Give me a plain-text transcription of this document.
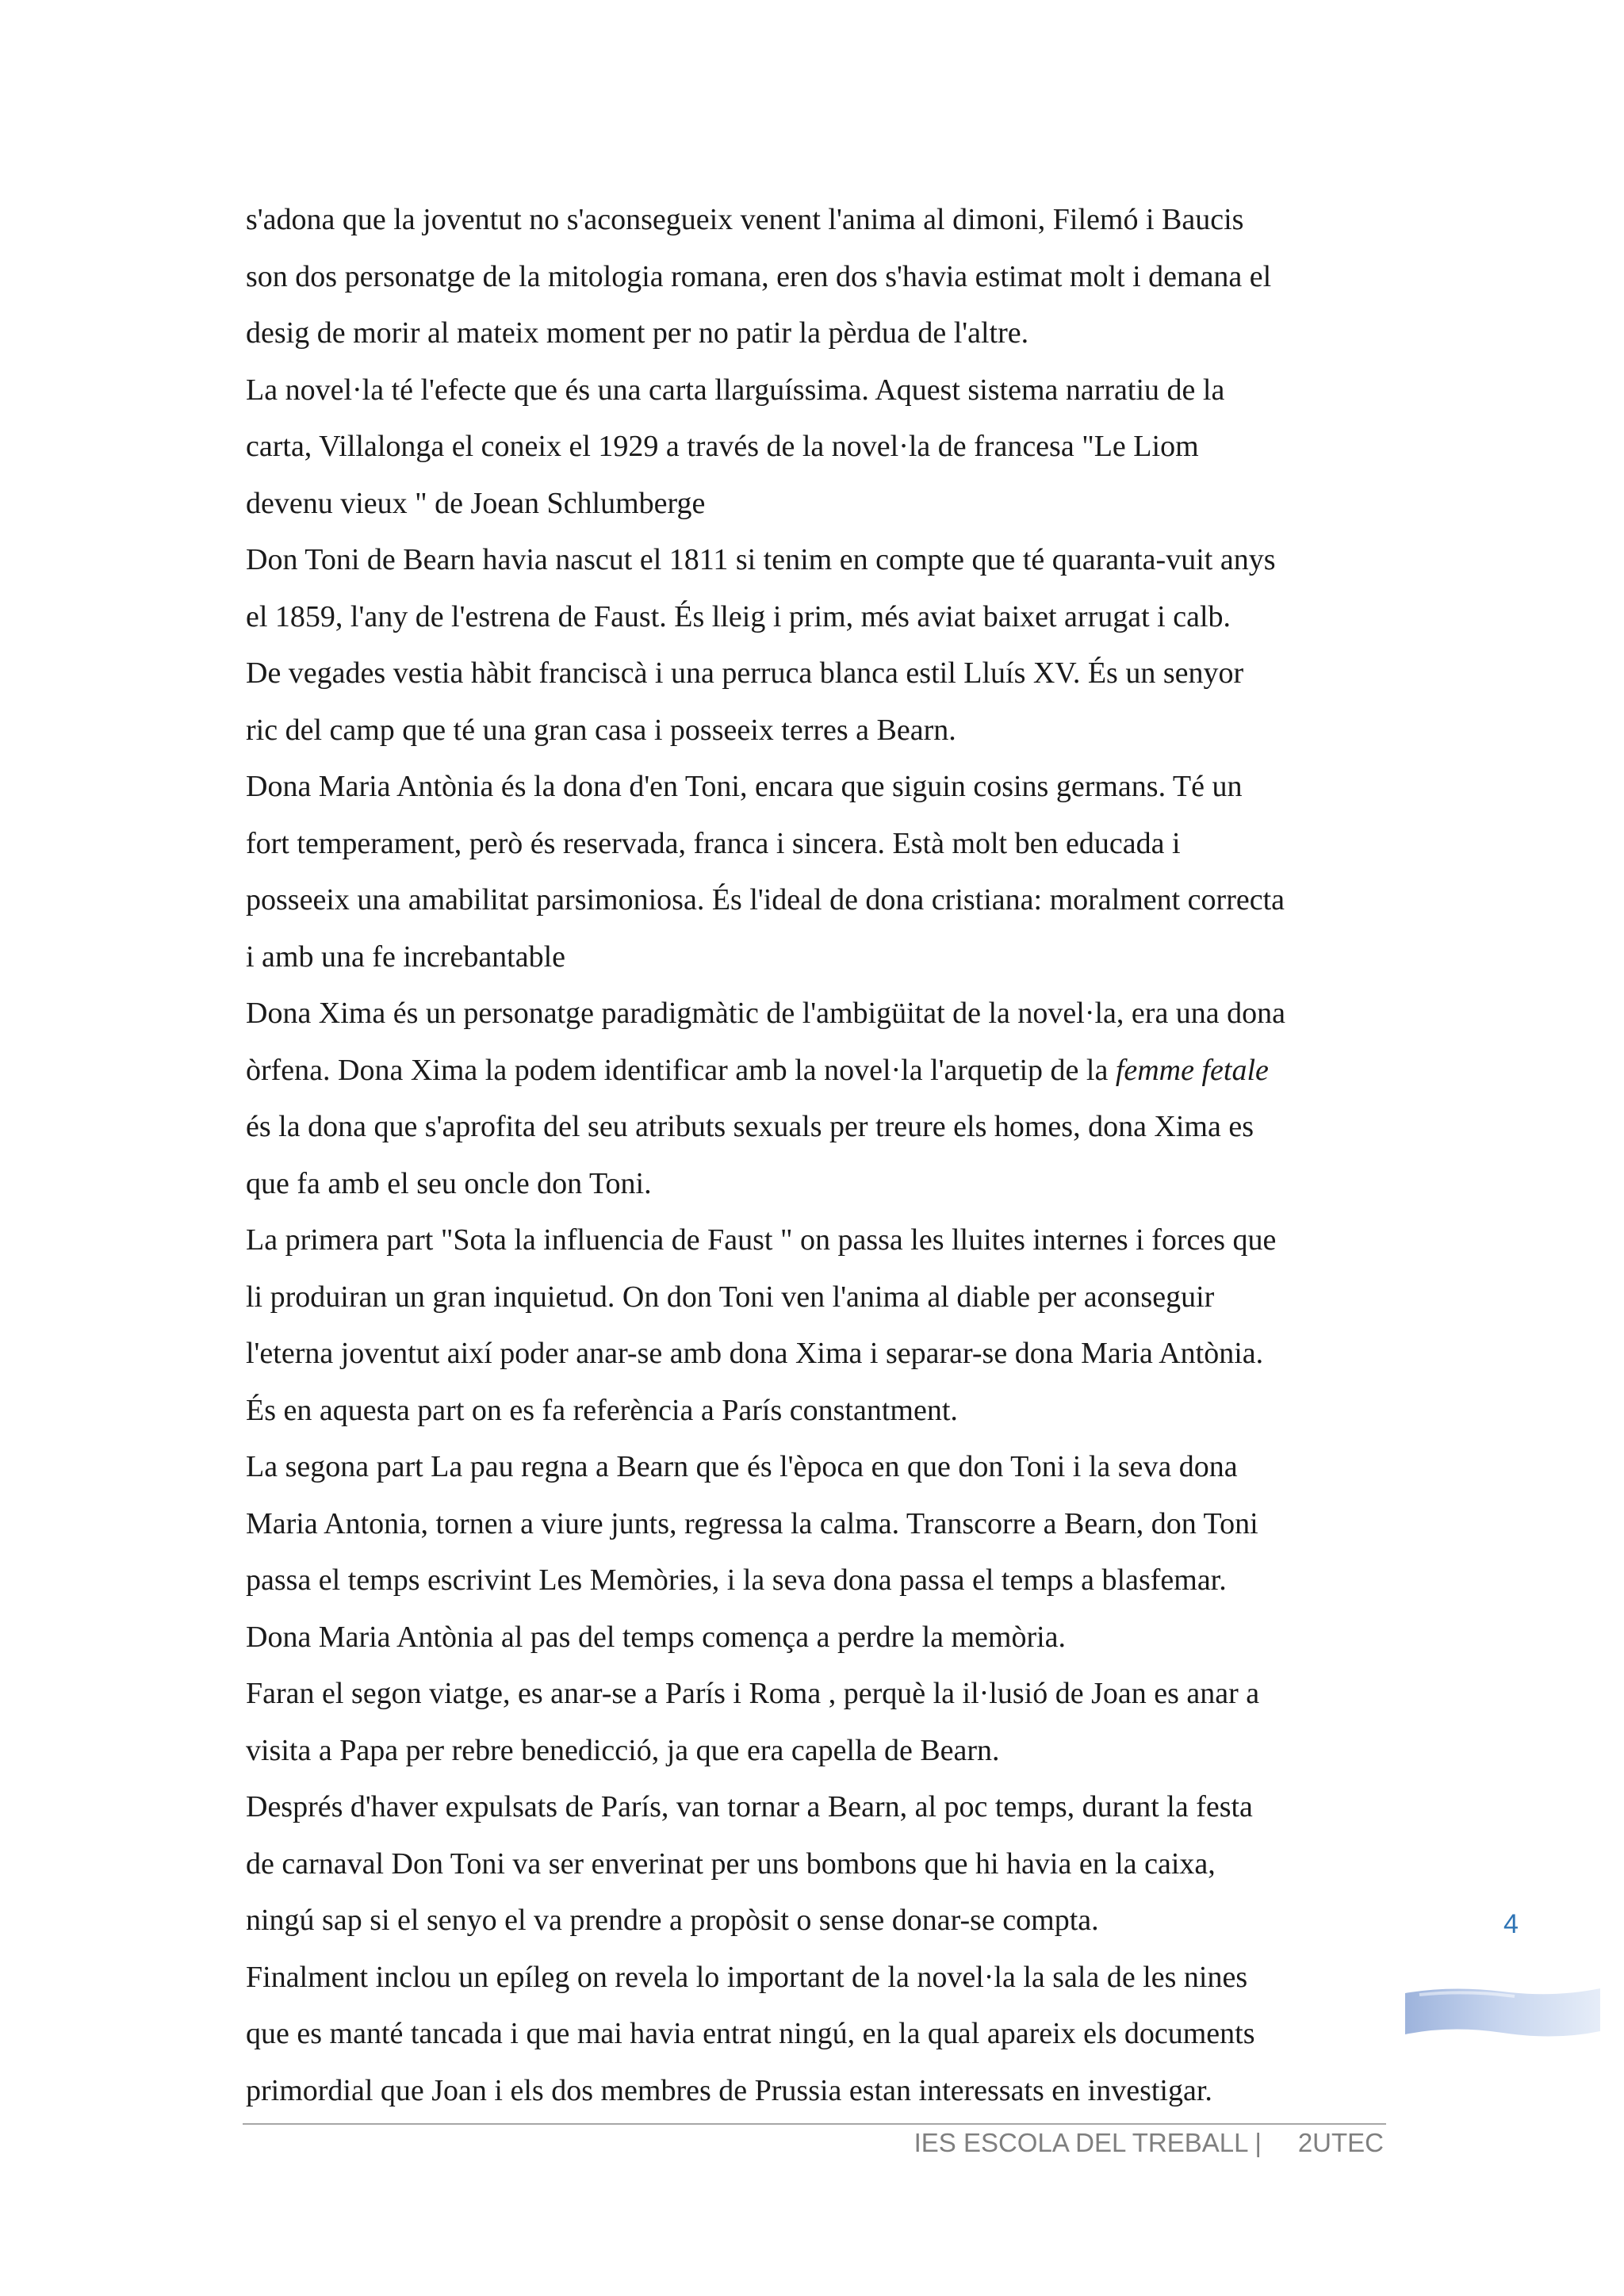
s'adona que la joventut no s'aconsegueix venent l'anima al dimoni, Filemó i Baucis
son dos personatge de la mitologia romana, eren dos s'havia estimat molt i demana el
desig de morir al mateix moment per no patir la pèrdua de l'altre.
La novel·la té l'efecte que és una carta llarguíssima. Aquest sistema narratiu de la
carta, Villalonga el coneix el 1929 a través de la novel·la de francesa "Le Liom
devenu vieux " de Joean Schlumberge
Don Toni de Bearn havia nascut el 1811 si tenim en compte que té quaranta-vuit anys
el 1859, l'any de l'estrena de Faust. És lleig i prim, més aviat baixet arrugat i calb.
De vegades vestia hàbit franciscà i una perruca blanca estil Lluís XV. És un senyor
ric del camp que té una gran casa i posseeix terres a Bearn.
Dona Maria Antònia és la dona d'en Toni, encara que siguin cosins germans. Té un
fort temperament, però és reservada, franca i sincera. Està molt ben educada i
posseeix una amabilitat parsimoniosa. És l'ideal de dona cristiana: moralment correcta
i amb una fe increbantable
Dona Xima és un personatge paradigmàtic de l'ambigüitat de la novel·la, era una dona
òrfena. Dona Xima la podem identificar amb la novel·la l'arquetip de la femme fetale
és la dona que s'aprofita del seu atributs sexuals per treure els homes, dona Xima es
que fa amb el seu oncle don Toni.
La primera part "Sota la influencia de Faust " on passa les lluites internes i forces que
li produiran un gran inquietud. On don Toni ven l'anima al diable per aconseguir
l'eterna joventut així poder anar-se amb dona Xima i separar-se dona Maria Antònia.
És en aquesta part on es fa referència a París constantment.
La segona part La pau regna a Bearn que és l'època en que don Toni i la seva dona
Maria Antonia, tornen a viure junts, regressa la calma. Transcorre a Bearn, don Toni
passa el temps escrivint Les Memòries, i la seva dona passa el temps a blasfemar.
Dona Maria Antònia al pas del temps comença a perdre la memòria.
Faran el segon viatge, es anar-se a París i Roma , perquè la il·lusió de Joan es anar a
visita a Papa per rebre benedicció, ja que era capella de Bearn.
Després d'haver expulsats de París, van tornar a Bearn, al poc temps, durant la festa
de carnaval Don Toni va ser enverinat per uns bombons que hi havia en la caixa,
ningú sap si el senyo el va prendre a propòsit o sense donar-se compta.
Finalment inclou un epíleg on revela lo important de la novel·la la sala de les nines
que es manté tancada i que mai havia entrat ningú, en la qual apareix els documents
primordial que Joan i els dos membres de Prussia estan interessats en investigar.
4
IES ESCOLA DEL TREBALL |     2UTEC
